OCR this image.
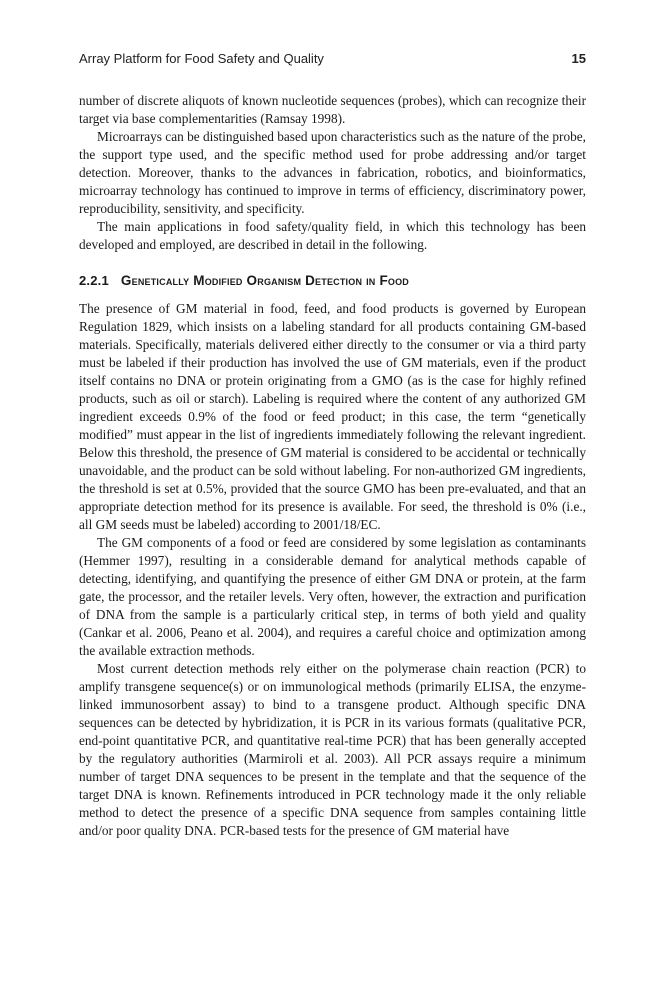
Array Platform for Food Safety and Quality	15

number of discrete aliquots of known nucleotide sequences (probes), which can recognize their target via base complementarities (Ramsay 1998).

Microarrays can be distinguished based upon characteristics such as the nature of the probe, the support type used, and the specific method used for probe addressing and/or target detection. Moreover, thanks to the advances in fabrication, robotics, and bioinformatics, microarray technology has continued to improve in terms of efficiency, discriminatory power, reproducibility, sensitivity, and specificity.

The main applications in food safety/quality field, in which this technology has been developed and employed, are described in detail in the following.

2.2.1 Genetically Modified Organism Detection in Food

The presence of GM material in food, feed, and food products is governed by European Regulation 1829, which insists on a labeling standard for all products containing GM-based materials. Specifically, materials delivered either directly to the consumer or via a third party must be labeled if their production has involved the use of GM materials, even if the product itself contains no DNA or protein originating from a GMO (as is the case for highly refined products, such as oil or starch). Labeling is required where the content of any authorized GM ingredient exceeds 0.9% of the food or feed product; in this case, the term “genetically modified” must appear in the list of ingredients immediately following the relevant ingredient. Below this threshold, the presence of GM material is considered to be accidental or technically unavoidable, and the product can be sold without labeling. For non-authorized GM ingredients, the threshold is set at 0.5%, provided that the source GMO has been pre-evaluated, and that an appropriate detection method for its presence is available. For seed, the threshold is 0% (i.e., all GM seeds must be labeled) according to 2001/18/EC.

The GM components of a food or feed are considered by some legislation as contaminants (Hemmer 1997), resulting in a considerable demand for analytical methods capable of detecting, identifying, and quantifying the presence of either GM DNA or protein, at the farm gate, the processor, and the retailer levels. Very often, however, the extraction and purification of DNA from the sample is a particularly critical step, in terms of both yield and quality (Cankar et al. 2006, Peano et al. 2004), and requires a careful choice and optimization among the available extraction methods.

Most current detection methods rely either on the polymerase chain reaction (PCR) to amplify transgene sequence(s) or on immunological methods (primarily ELISA, the enzyme-linked immunosorbent assay) to bind to a transgene product. Although specific DNA sequences can be detected by hybridization, it is PCR in its various formats (qualitative PCR, end-point quantitative PCR, and quantitative real-time PCR) that has been generally accepted by the regulatory authorities (Marmiroli et al. 2003). All PCR assays require a minimum number of target DNA sequences to be present in the template and that the sequence of the target DNA is known. Refinements introduced in PCR technology made it the only reliable method to detect the presence of a specific DNA sequence from samples containing little and/or poor quality DNA. PCR-based tests for the presence of GM material have
